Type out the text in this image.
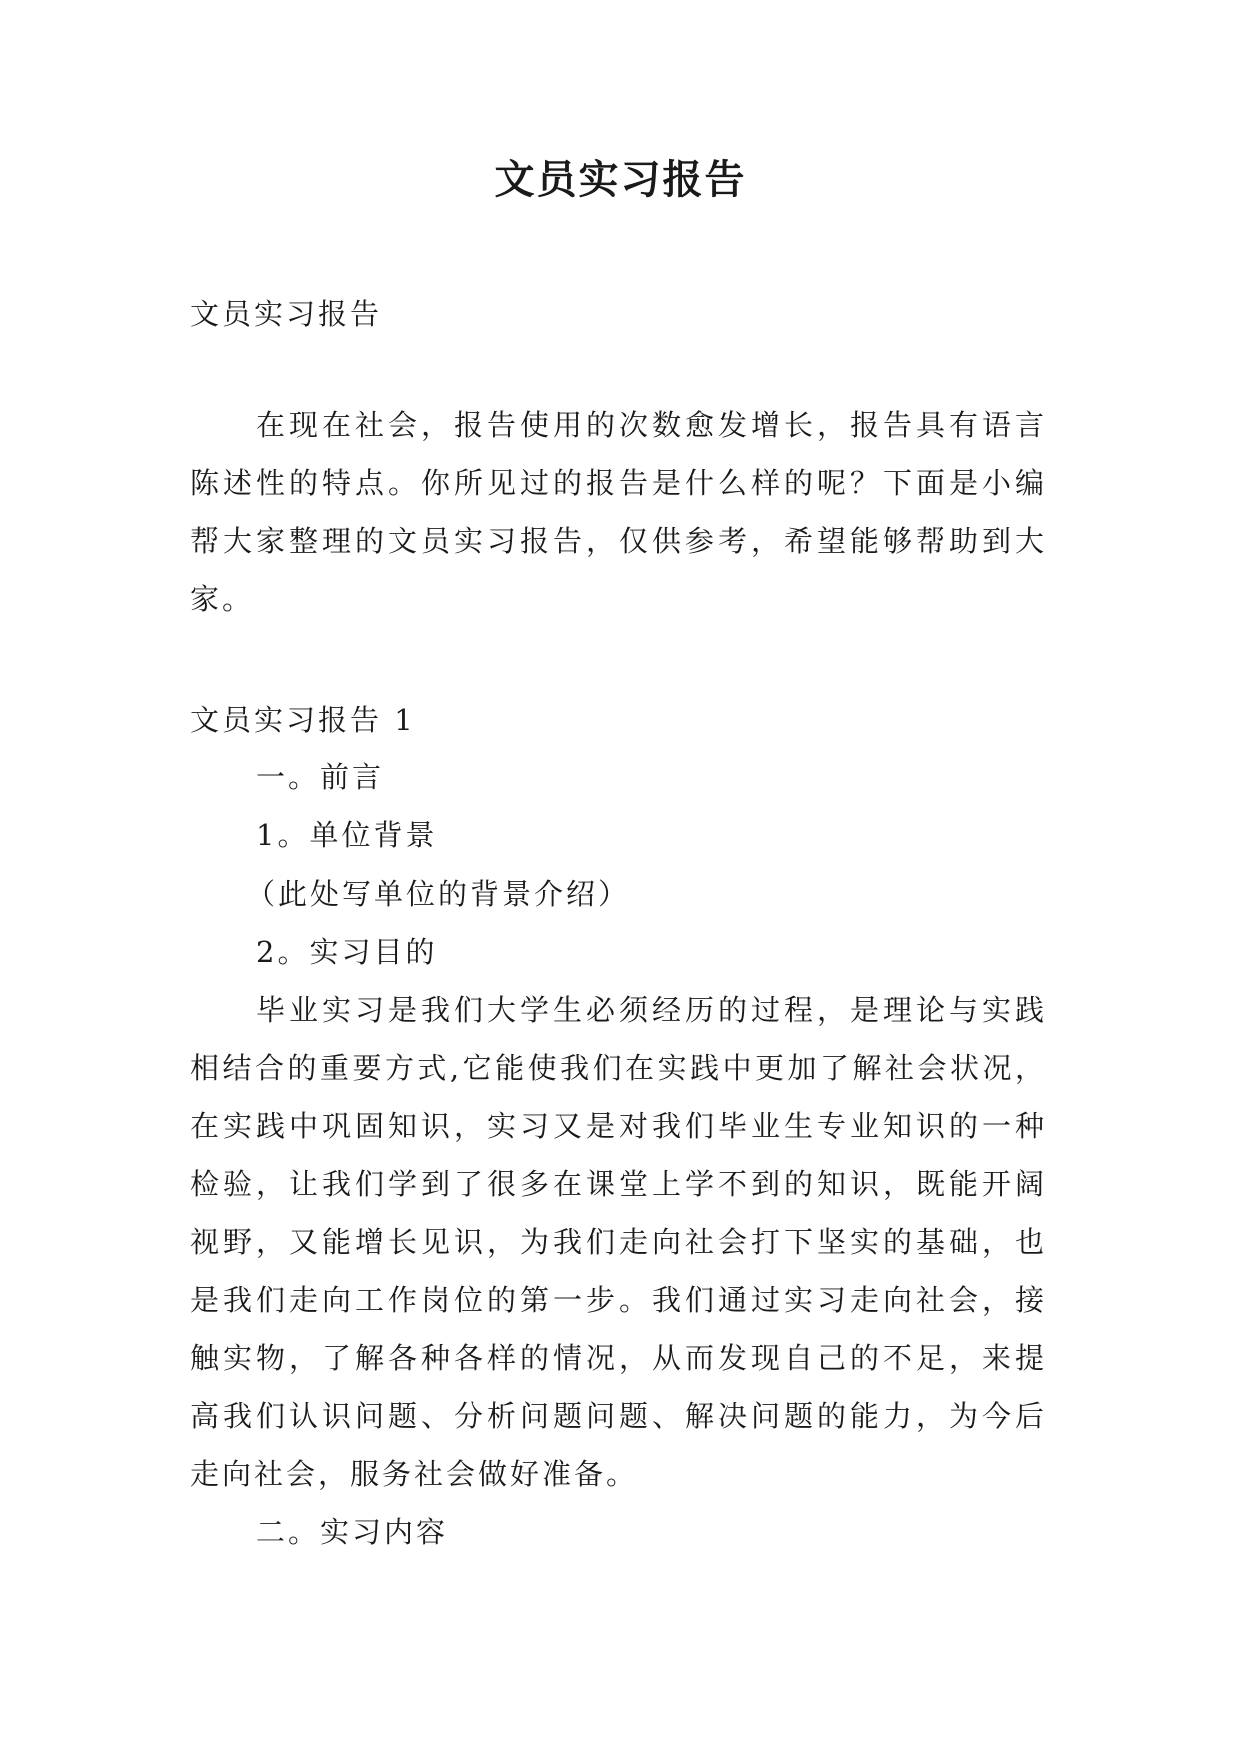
文员实习报告

文员实习报告

在现在社会，报告使用的次数愈发增长，报告具有语言

陈述性的特点。你所见过的报告是什么样的呢？下面是小编

帮大家整理的文员实习报告，仅供参考，希望能够帮助到大

家。

文员实习报告 1

一。前言

1。单位背景

（此处写单位的背景介绍）

2。实习目的

毕业实习是我们大学生必须经历的过程，是理论与实践

相结合的重要方式,它能使我们在实践中更加了解社会状况，

在实践中巩固知识，实习又是对我们毕业生专业知识的一种

检验，让我们学到了很多在课堂上学不到的知识，既能开阔

视野，又能增长见识，为我们走向社会打下坚实的基础，也

是我们走向工作岗位的第一步。我们通过实习走向社会，接

触实物，了解各种各样的情况，从而发现自己的不足，来提

高我们认识问题、分析问题问题、解决问题的能力，为今后

走向社会，服务社会做好准备。

二。实习内容
